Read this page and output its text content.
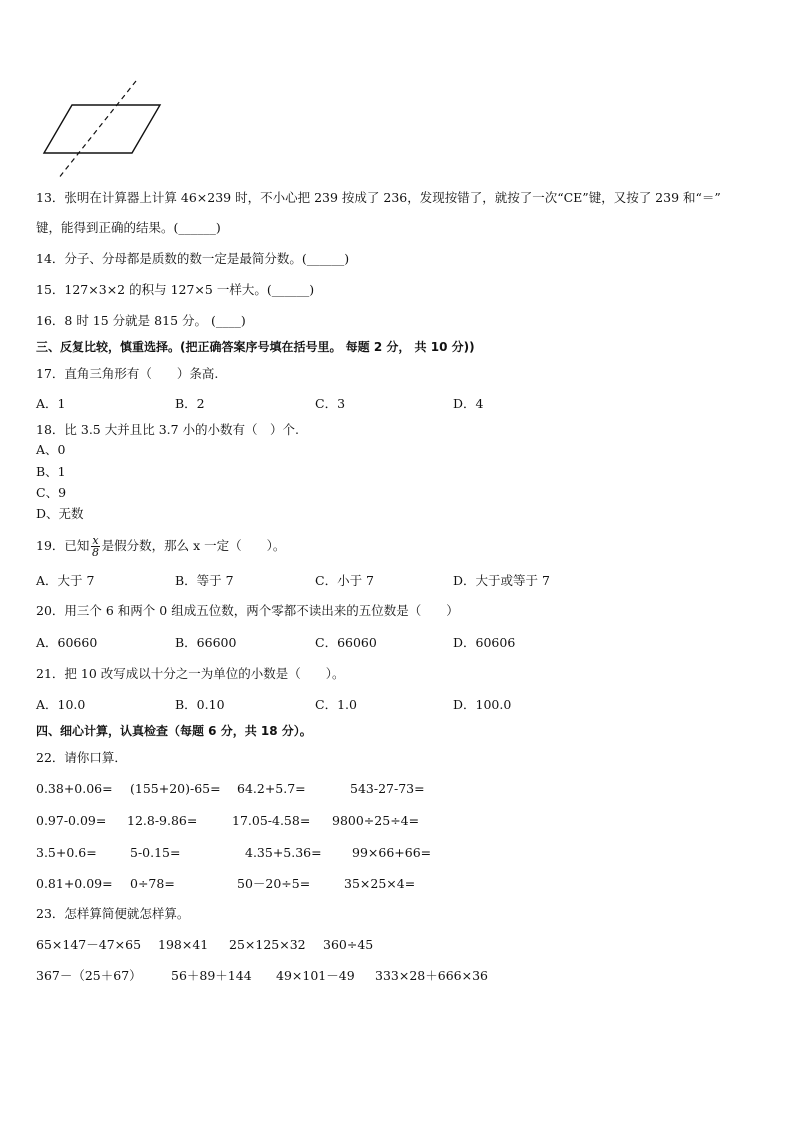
13．张明在计算器上计算 46×239 时，不小心把 239 按成了 236，发现按错了，就按了一次“CE”键，又按了 239 和“＝”
键，能得到正确的结果。(______)
14．分子、分母都是质数的数一定是最简分数。(______)
15．127×3×2 的积与 127×5 一样大。(______)
16．8 时 15 分就是 815 分。 (____)
三、反复比较，慎重选择。(把正确答案序号填在括号里。 每题 2 分， 共 10 分))
17．直角三角形有（　　）条高.
A．1	B．2	C．3	D．4
18．比 3.5 大并且比 3.7 小的小数有（　）个.
A、0
B、1
C、9
D、无数
19．已知 $\frac{x}{8}$ 是假分数，那么 x 一定（　　）。
A．大于 7	B．等于 7	C．小于 7	D．大于或等于 7
20．用三个 6 和两个 0 组成五位数，两个零都不读出来的五位数是（　　）
A．60660	B．66600	C．66060	D．60606
21．把 10 改写成以十分之一为单位的小数是（　　）。
A．10.0	B．0.10	C．1.0	D．100.0
四、细心计算，认真检查（每题 6 分，共 18 分）。
22．请你口算．
0.38+0.06= (155+20)-65= 64.2+5.7=	543-27-73=
0.97-0.09= 12.8-9.86=	17.05-4.58= 9800÷25÷4=
3.5+0.6=	5-0.15=	4.35+5.36= 99×66+66=
0.81+0.09= 0÷78=	50－20÷5=	35×25×4=
23．怎样算简便就怎样算。
65×147－47×65 198×41 25×125×32 360÷45
367－（25＋67） 56＋89＋144 49×101－49 333×28＋666×36
